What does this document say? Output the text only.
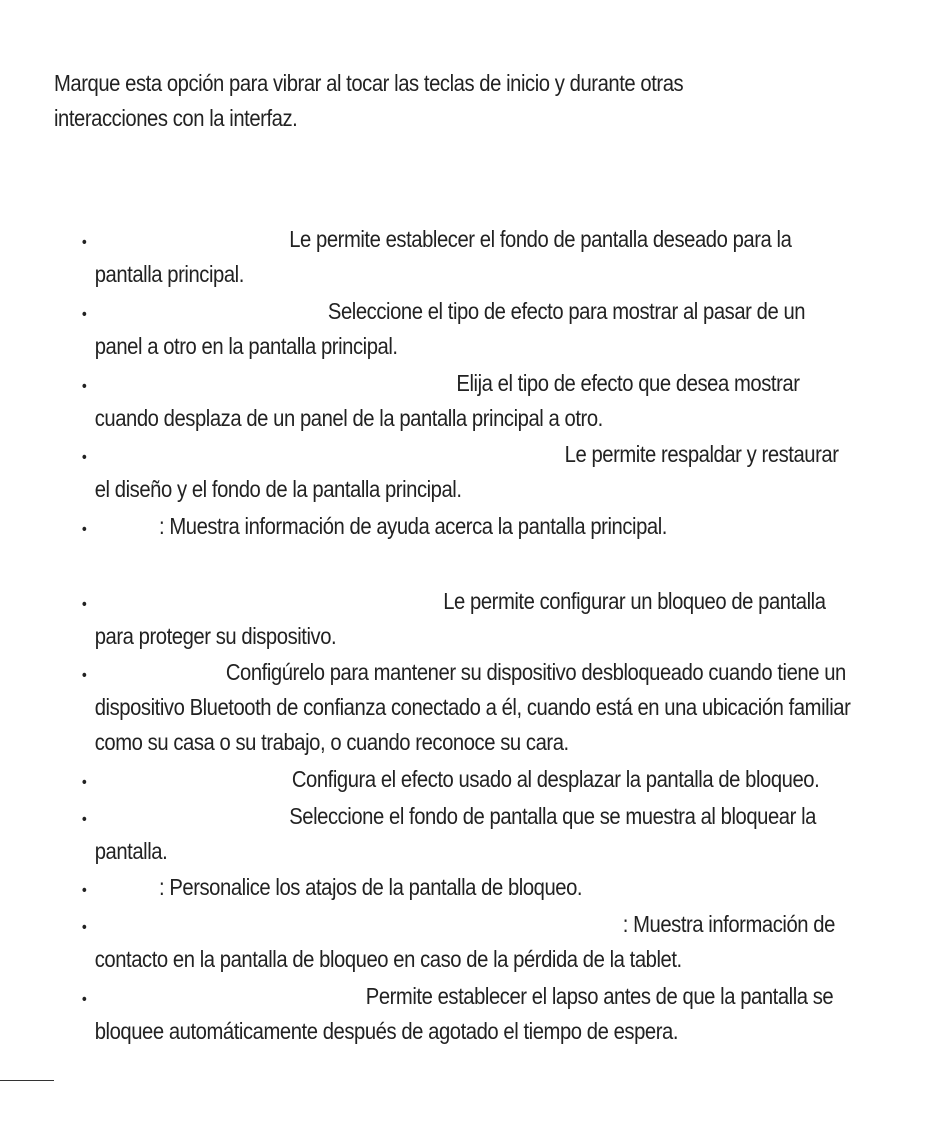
Marque esta opción para vibrar al tocar las teclas de inicio y durante otras interacciones con la interfaz.

•	Le permite establecer el fondo de pantalla deseado para la pantalla principal.
•	Seleccione el tipo de efecto para mostrar al pasar de un panel a otro en la pantalla principal.
•	Elija el tipo de efecto que desea mostrar cuando desplaza de un panel de la pantalla principal a otro.
•	Le permite respaldar y restaurar el diseño y el fondo de la pantalla principal.
•	: Muestra información de ayuda acerca la pantalla principal.
•	Le permite configurar un bloqueo de pantalla para proteger su dispositivo.
•	Configúrelo para mantener su dispositivo desbloqueado cuando tiene un dispositivo Bluetooth de confianza conectado a él, cuando está en una ubicación familiar como su casa o su trabajo, o cuando reconoce su cara.
•	Configura el efecto usado al desplazar la pantalla de bloqueo.
•	Seleccione el fondo de pantalla que se muestra al bloquear la pantalla.
•	: Personalice los atajos de la pantalla de bloqueo.
•	: Muestra información de contacto en la pantalla de bloqueo en caso de la pérdida de la tablet.
•	Permite establecer el lapso antes de que la pantalla se bloquee automáticamente después de agotado el tiempo de espera.
